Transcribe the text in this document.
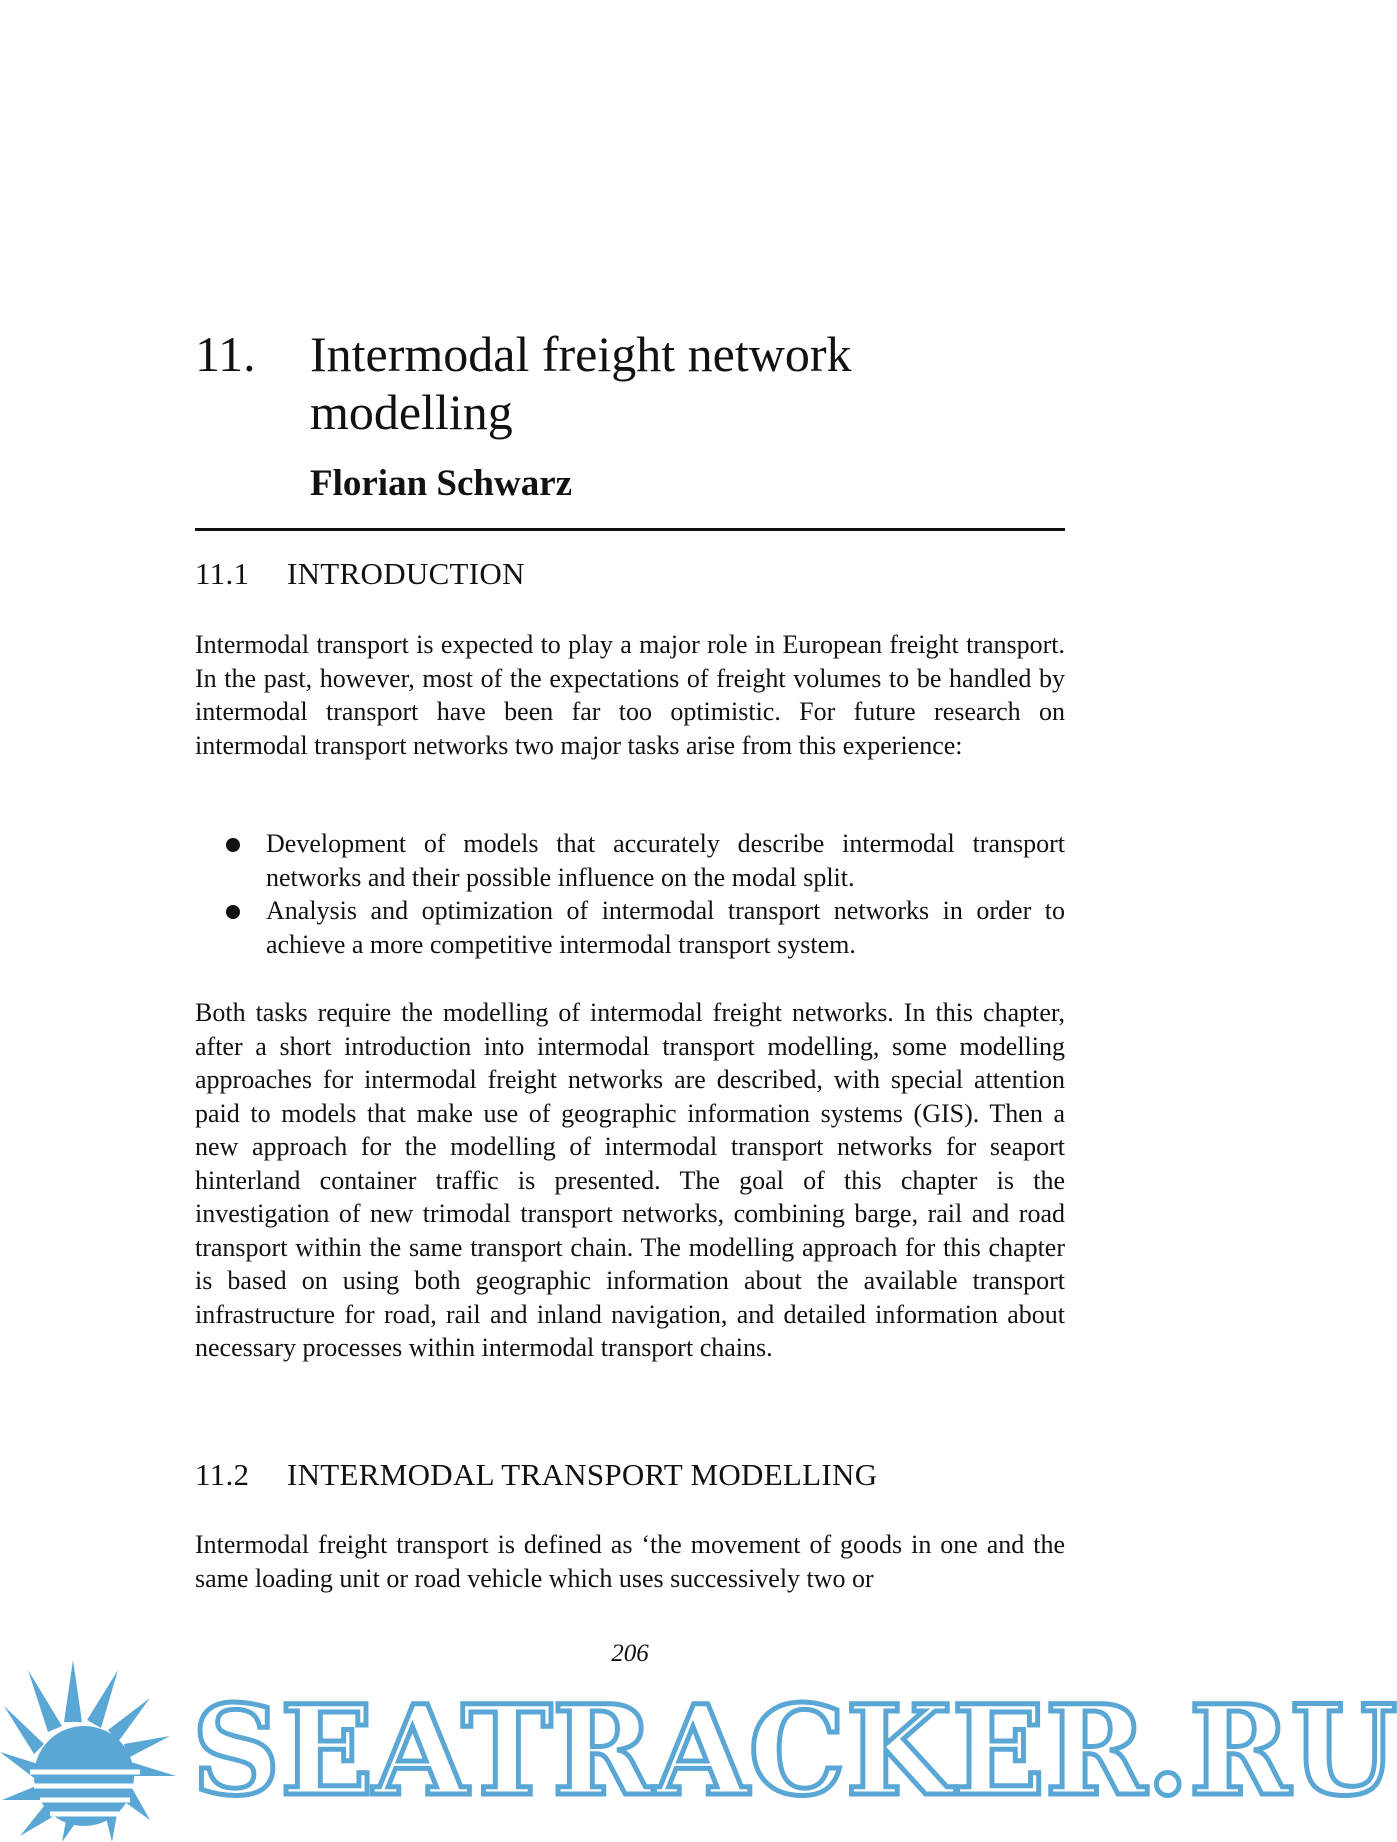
11. Intermodal freight network modelling
Florian Schwarz
11.1 INTRODUCTION

Intermodal transport is expected to play a major role in European freight transport. In the past, however, most of the expectations of freight volumes to be handled by intermodal transport have been far too optimistic. For future research on intermodal transport networks two major tasks arise from this experience:

Development of models that accurately describe intermodal transport networks and their possible influence on the modal split.
Analysis and optimization of intermodal transport networks in order to achieve a more competitive intermodal transport system.

Both tasks require the modelling of intermodal freight networks. In this chapter, after a short introduction into intermodal transport modelling, some modelling approaches for intermodal freight networks are described, with special attention paid to models that make use of geographic information systems (GIS). Then a new approach for the modelling of intermodal transport networks for seaport hinterland container traffic is presented. The goal of this chapter is the investigation of new trimodal transport networks, combining barge, rail and road transport within the same transport chain. The modelling approach for this chapter is based on using both geographic information about the available transport infrastructure for road, rail and inland navigation, and detailed information about necessary processes within intermodal transport chains.

11.2 INTERMODAL TRANSPORT MODELLING

Intermodal freight transport is defined as ‘the movement of goods in one and the same loading unit or road vehicle which uses successively two or

206
SEATRACKER.RU
